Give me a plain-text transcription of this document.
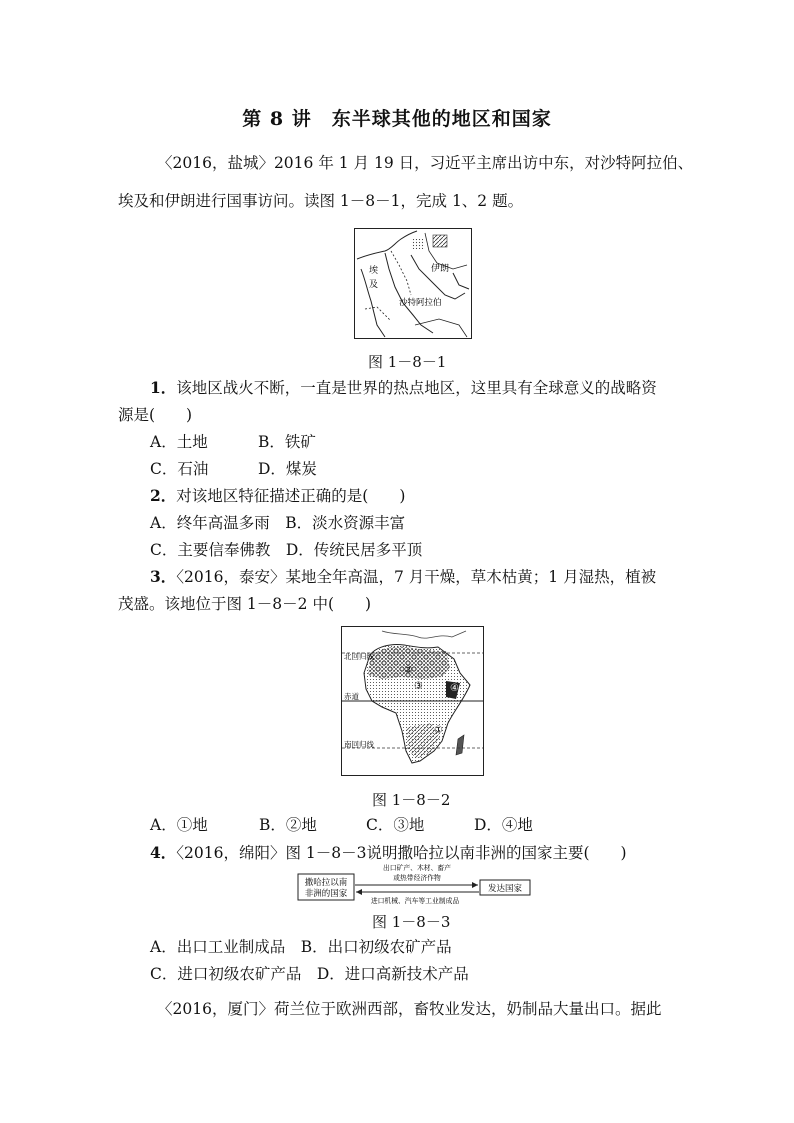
第 8 讲　东半球其他的地区和国家
〈2016，盐城〉2016 年 1 月 19 日，习近平主席出访中东，对沙特阿拉伯、
埃及和伊朗进行国事访问。读图 1－8－1，完成 1、2 题。
埃
及
伊朗
沙特阿拉伯
图 1－8－1
1．该地区战火不断，一直是世界的热点地区，这里具有全球意义的战略资
源是(　　)
A．土地	B．铁矿
C．石油	D．煤炭
2．对该地区特征描述正确的是(　　)
A．终年高温多雨　B．淡水资源丰富
C．主要信奉佛教　D．传统民居多平顶
3．〈2016，泰安〉某地全年高温，7 月干燥，草木枯黄；1 月湿热，植被
茂盛。该地位于图 1－8－2 中(　　)
北回归线
赤道
南回归线
①
②
③	④
图 1－8－2
A．①地	B．②地	C．③地	D．④地
4．〈2016，绵阳〉图 1－8－3说明撒哈拉以南非洲的国家主要(　　)
撒哈拉以南
非洲的国家	发达国家
出口矿产、木材、畜产
或热带经济作物
进口机械、汽车等工业制成品
图 1－8－3
A．出口工业制成品　B．出口初级农矿产品
C．进口初级农矿产品　D．进口高新技术产品
〈2016，厦门〉荷兰位于欧洲西部，畜牧业发达，奶制品大量出口。据此
